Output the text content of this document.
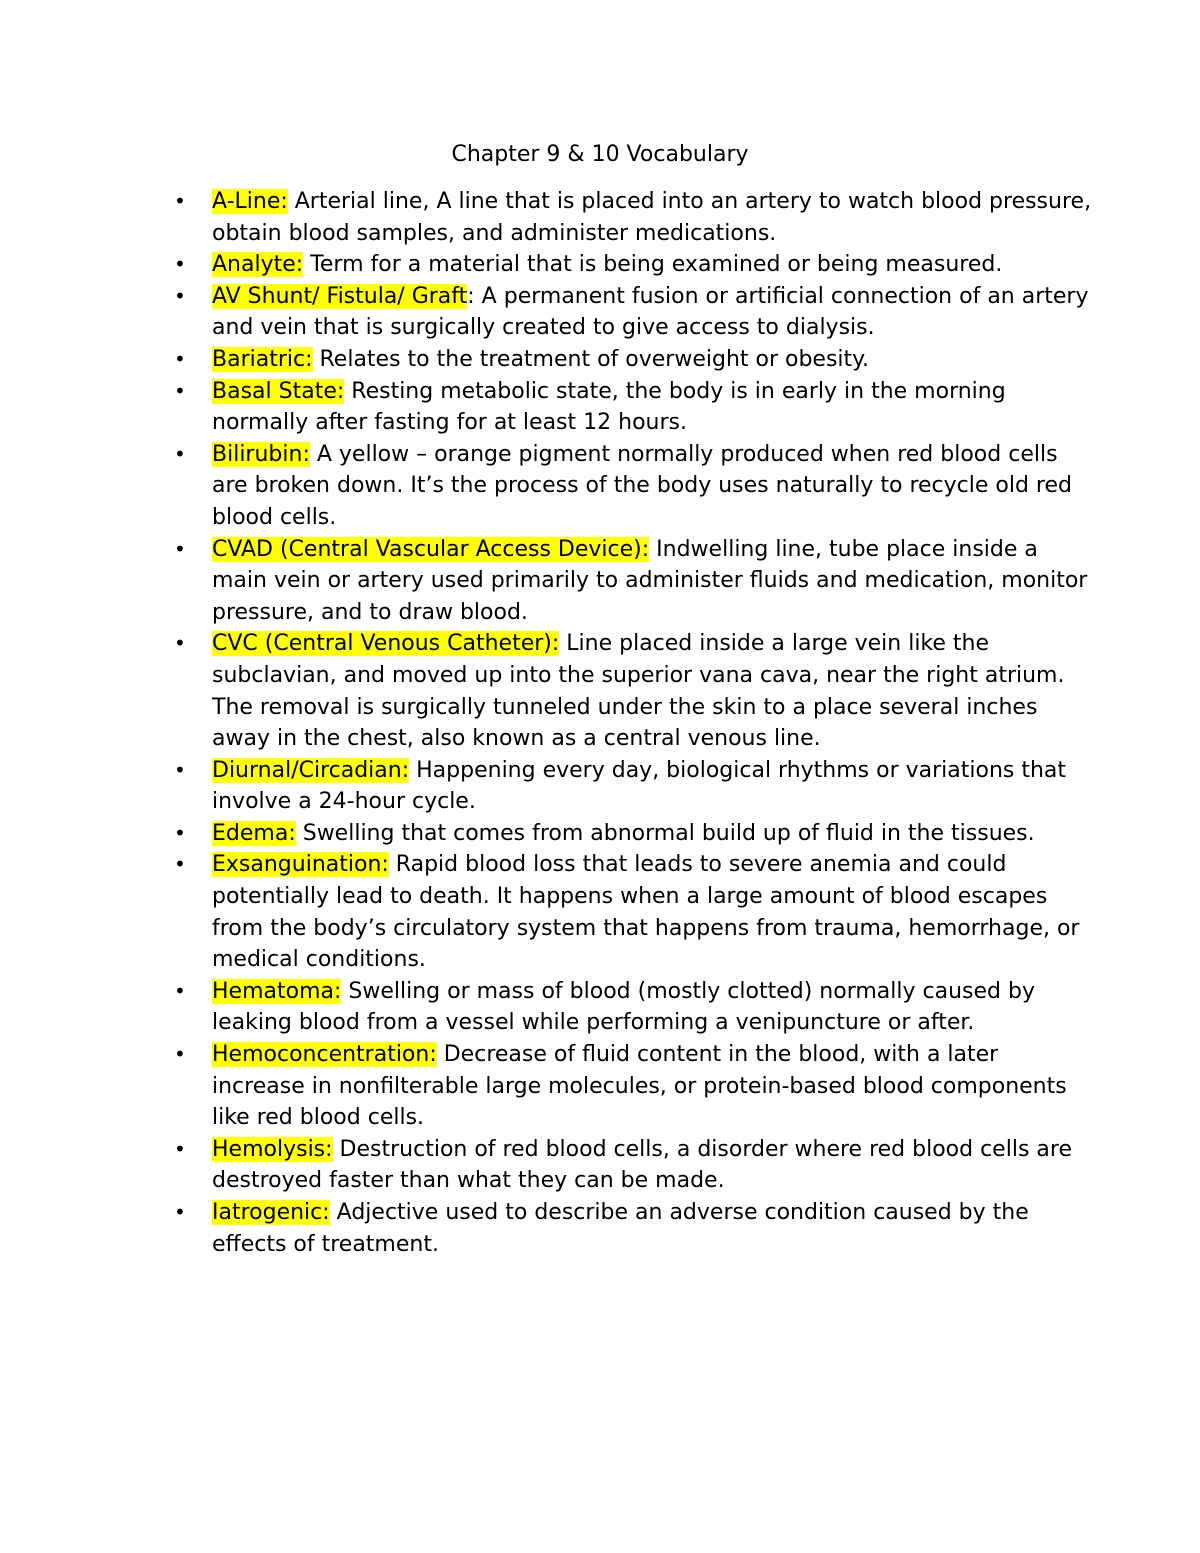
Chapter 9 & 10 Vocabulary
• A-Line: Arterial line, A line that is placed into an artery to watch blood pressure, obtain blood samples, and administer medications.
• Analyte: Term for a material that is being examined or being measured.
• AV Shunt/ Fistula/ Graft: A permanent fusion or artificial connection of an artery and vein that is surgically created to give access to dialysis.
• Bariatric: Relates to the treatment of overweight or obesity.
• Basal State: Resting metabolic state, the body is in early in the morning normally after fasting for at least 12 hours.
• Bilirubin: A yellow – orange pigment normally produced when red blood cells are broken down. It’s the process of the body uses naturally to recycle old red blood cells.
• CVAD (Central Vascular Access Device): Indwelling line, tube place inside a main vein or artery used primarily to administer fluids and medication, monitor pressure, and to draw blood.
• CVC (Central Venous Catheter): Line placed inside a large vein like the subclavian, and moved up into the superior vana cava, near the right atrium. The removal is surgically tunneled under the skin to a place several inches away in the chest, also known as a central venous line.
• Diurnal/Circadian: Happening every day, biological rhythms or variations that involve a 24-hour cycle.
• Edema: Swelling that comes from abnormal build up of fluid in the tissues.
• Exsanguination: Rapid blood loss that leads to severe anemia and could potentially lead to death. It happens when a large amount of blood escapes from the body’s circulatory system that happens from trauma, hemorrhage, or medical conditions.
• Hematoma: Swelling or mass of blood (mostly clotted) normally caused by leaking blood from a vessel while performing a venipuncture or after.
• Hemoconcentration: Decrease of fluid content in the blood, with a later increase in nonfilterable large molecules, or protein-based blood components like red blood cells.
• Hemolysis: Destruction of red blood cells, a disorder where red blood cells are destroyed faster than what they can be made.
• Iatrogenic: Adjective used to describe an adverse condition caused by the effects of treatment.
